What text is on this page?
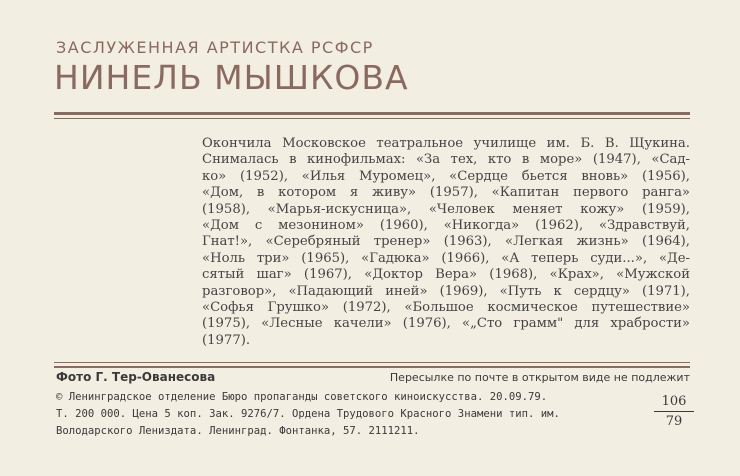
ЗАСЛУЖЕННАЯ АРТИСТКА РСФСР
НИНЕЛЬ МЫШКОВА
Окончила Московское театральное училище им. Б. В. Щукина.
Снималась в кинофильмах: «За тех, кто в море» (1947), «Сад-
ко» (1952), «Илья Муромец», «Сердце бьется вновь» (1956),
«Дом, в котором я живу» (1957), «Капитан первого ранга»
(1958), «Марья-искусница», «Человек меняет кожу» (1959),
«Дом с мезонином» (1960), «Никогда» (1962), «Здравствуй,
Гнат!», «Серебряный тренер» (1963), «Легкая жизнь» (1964),
«Ноль три» (1965), «Гадюка» (1966), «А теперь суди...», «Де-
сятый шаг» (1967), «Доктор Вера» (1968), «Крах», «Мужской
разговор», «Падающий иней» (1969), «Путь к сердцу» (1971),
«Софья Грушко» (1972), «Большое космическое путешествие»
(1975), «Лесные качели» (1976), «„Сто грамм" для храбрости»
(1977).
Фото Г. Тер-Ованесова	Пересылке по почте в открытом виде не подлежит
© Ленинградское отделение Бюро пропаганды советского киноискусства. 20.09.79.
Т. 200 000. Цена 5 коп. Зак. 9276/7. Ордена Трудового Красного Знамени тип. им.
Володарского Лениздата. Ленинград. Фонтанка, 57. 2111211.
$\frac{106}{79}$
